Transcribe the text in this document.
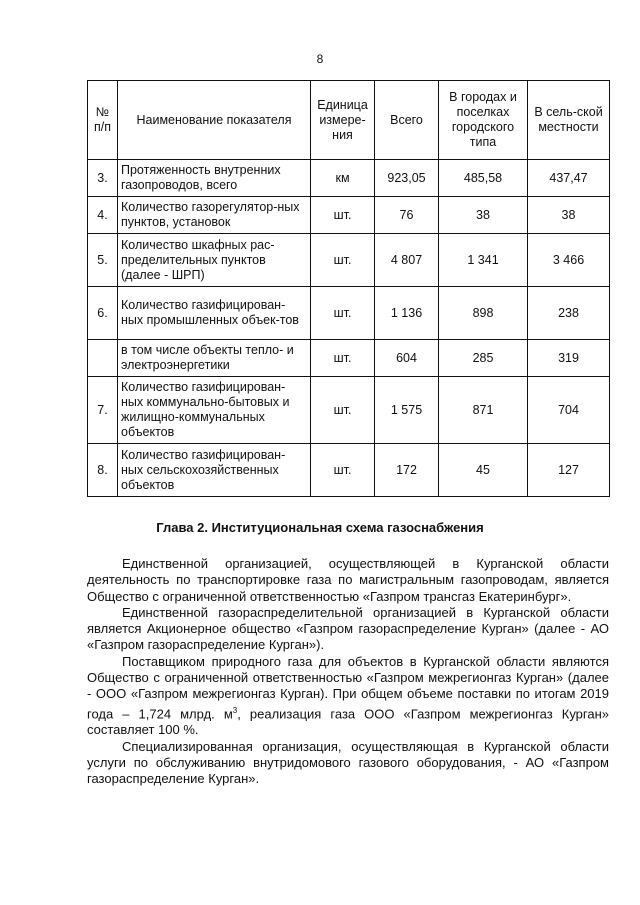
8
№ п/п	Наименование показателя	Единица измере-ния	Всего	В городах и поселках городского типа	В сель-ской местности
3.	Протяженность внутренних газопроводов, всего	км	923,05	485,58	437,47
4.	Количество газорегулятор-ных пунктов, установок	шт.	76	38	38
5.	Количество шкафных рас-пределительных пунктов (далее - ШРП)	шт.	4 807	1 341	3 466
6.	Количество газифицирован-ных промышленных объек-тов	шт.	1 136	898	238
	в том числе объекты тепло- и электроэнергетики	шт.	604	285	319
7.	Количество газифицирован-ных коммунально-бытовых и жилищно-коммунальных объектов	шт.	1 575	871	704
8.	Количество газифицирован-ных сельскохозяйственных объектов	шт.	172	45	127
Глава 2. Институциональная схема газоснабжения

Единственной организацией, осуществляющей в Курганской области деятельность по транспортировке газа по магистральным газопроводам, является Общество с ограниченной ответственностью «Газпром трансгаз Екатеринбург».

Единственной газораспределительной организацией в Курганской области является Акционерное общество «Газпром газораспределение Курган» (далее - АО «Газпром газораспределение Курган»).

Поставщиком природного газа для объектов в Курганской области являются Общество с ограниченной ответственностью «Газпром межрегионгаз Курган» (далее - ООО «Газпром межрегионгаз Курган). При общем объеме поставки по итогам 2019 года – 1,724 млрд. $м^3$, реализация газа ООО «Газпром межрегионгаз Курган» составляет 100 %.

Специализированная организация, осуществляющая в Курганской области услуги по обслуживанию внутридомового газового оборудования, - АО «Газпром газораспределение Курган».
